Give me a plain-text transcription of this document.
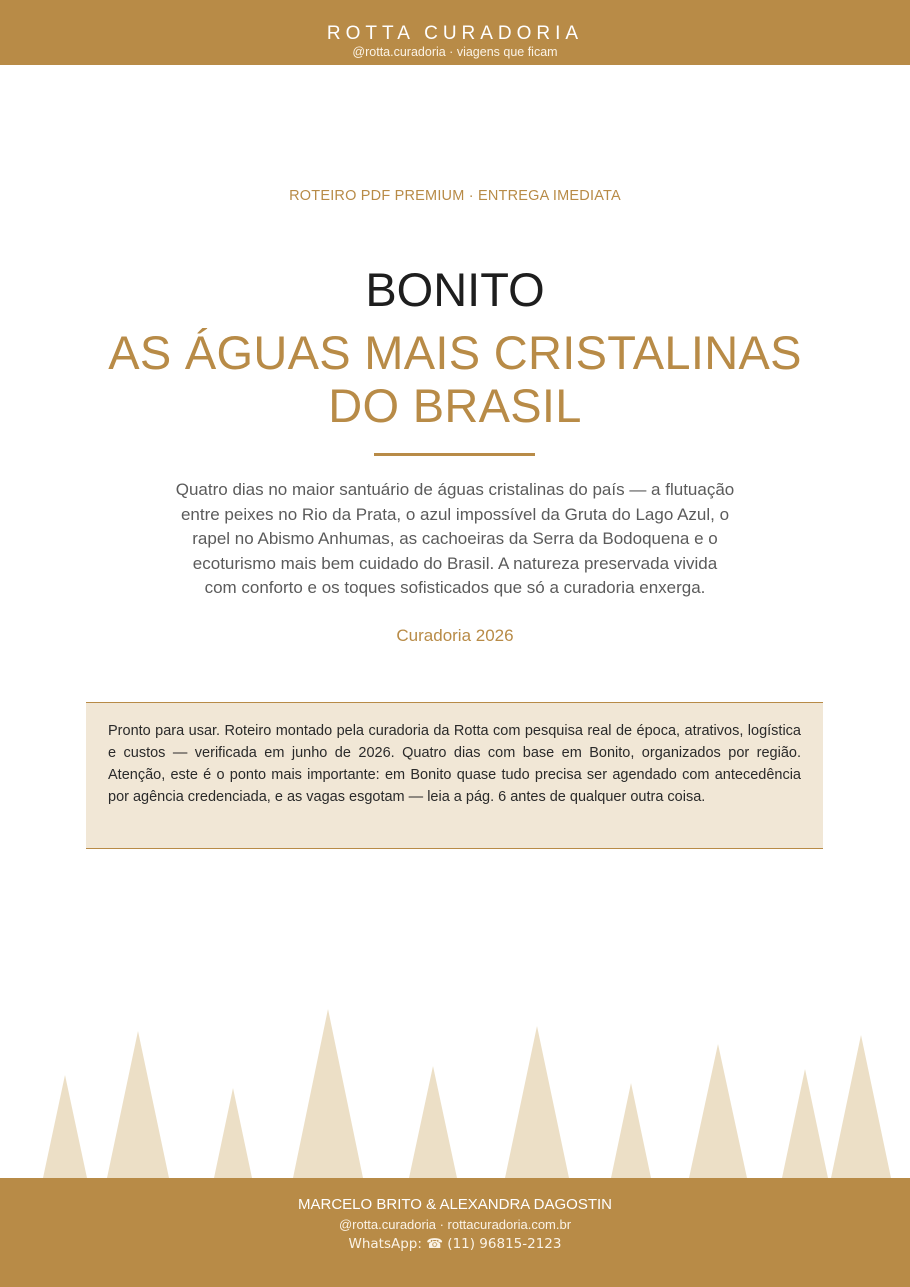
ROTTA CURADORIA
@rotta.curadoria · viagens que ficam
ROTEIRO PDF PREMIUM · ENTREGA IMEDIATA
BONITO
AS ÁGUAS MAIS CRISTALINAS DO BRASIL
Quatro dias no maior santuário de águas cristalinas do país — a flutuação entre peixes no Rio da Prata, o azul impossível da Gruta do Lago Azul, o rapel no Abismo Anhumas, as cachoeiras da Serra da Bodoquena e o ecoturismo mais bem cuidado do Brasil. A natureza preservada vivida com conforto e os toques sofisticados que só a curadoria enxerga.
Curadoria 2026
Pronto para usar. Roteiro montado pela curadoria da Rotta com pesquisa real de época, atrativos, logística e custos — verificada em junho de 2026. Quatro dias com base em Bonito, organizados por região. Atenção, este é o ponto mais importante: em Bonito quase tudo precisa ser agendado com antecedência por agência credenciada, e as vagas esgotam — leia a pág. 6 antes de qualquer outra coisa.
MARCELO BRITO & ALEXANDRA DAGOSTIN
@rotta.curadoria · rottacuradoria.com.br
WhatsApp: ☎ (11) 96815-2123
